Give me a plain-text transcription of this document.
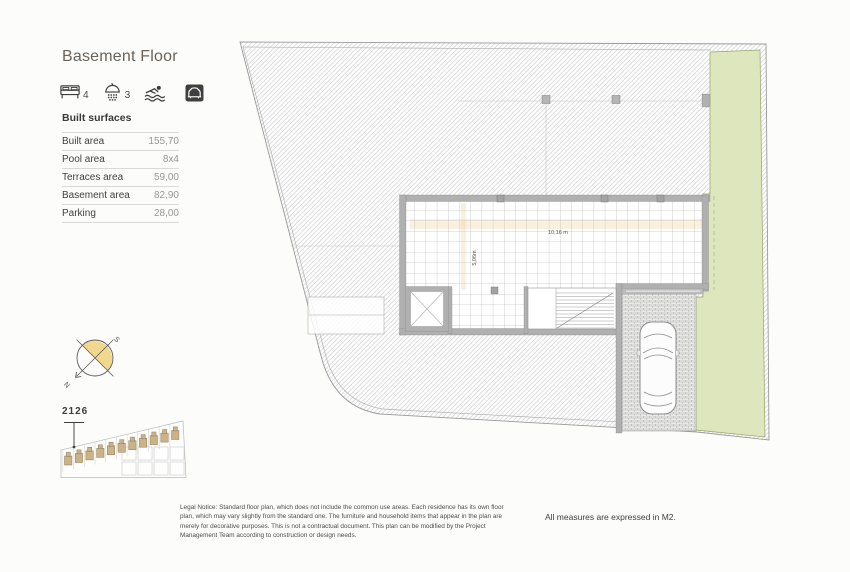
Basement Floor
4	3
Built surfaces
Built area	155,70
Pool area	8x4
Terraces area	59,00
Basement area 82,90
Parking	28,00
S
N
2126
10,16 m
5,06m
Legal Notice: Standard floor plan, which does not include the common use areas. Each residence has its own floor plan, which may vary slightly from the standard one. The furniture and household items that appear in the plan are merely for decorative purposes. This is not a contractual document. This plan can be modified by the Project Management Team according to construction or design needs.
All measures are expressed in M2.
